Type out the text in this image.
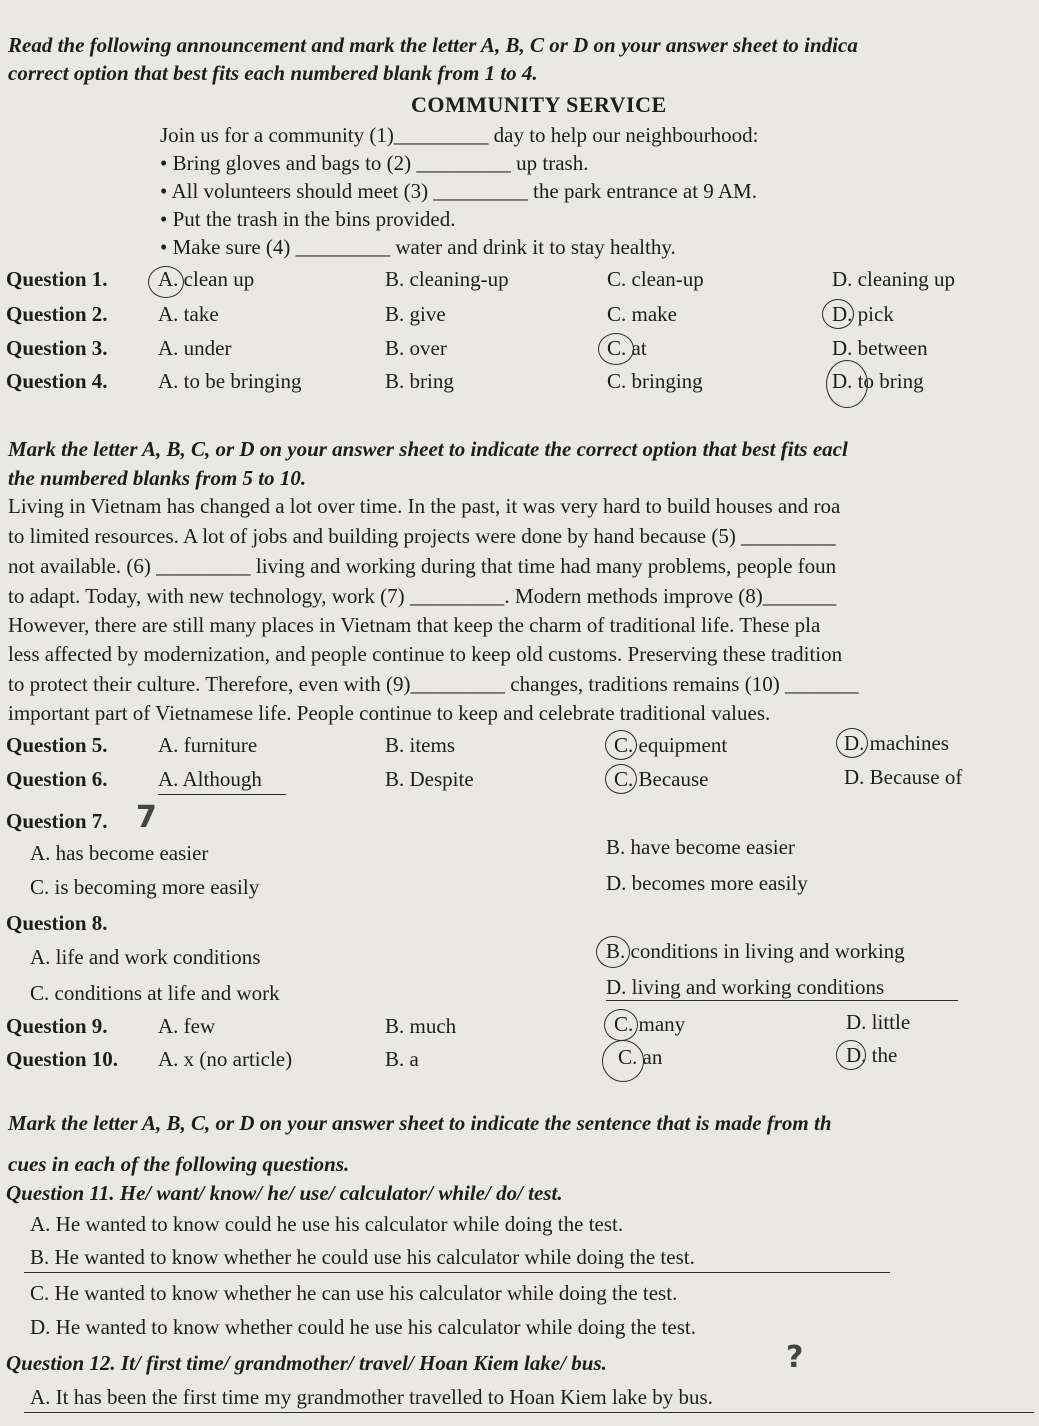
Read the following announcement and mark the letter A, B, C or D on your answer sheet to indica
correct option that best fits each numbered blank from 1 to 4.
COMMUNITY SERVICE
Join us for a community (1)_________ day to help our neighbourhood:
• Bring gloves and bags to (2) _________ up trash.
• All volunteers should meet (3) _________ the park entrance at 9 AM.
• Put the trash in the bins provided.
• Make sure (4) _________ water and drink it to stay healthy.
Question 1. A. clean up	B. cleaning-up	C. clean-up	D. cleaning up
Question 2. A. take	B. give	C. make	D. pick
Question 3. A. under	B. over	C. at	D. between
Question 4. A. to be bringing	B. bring	C. bringing	D. to bring
Mark the letter A, B, C, or D on your answer sheet to indicate the correct option that best fits eacl
the numbered blanks from 5 to 10.
Living in Vietnam has changed a lot over time. In the past, it was very hard to build houses and roa
to limited resources. A lot of jobs and building projects were done by hand because (5) _________
not available. (6) _________ living and working during that time had many problems, people foun
to adapt. Today, with new technology, work (7) _________. Modern methods improve (8)_______
However, there are still many places in Vietnam that keep the charm of traditional life. These pla
less affected by modernization, and people continue to keep old customs. Preserving these tradition
to protect their culture. Therefore, even with (9)_________ changes, traditions remains (10) _______
important part of Vietnamese life. People continue to keep and celebrate traditional values.
Question 5. A. furniture	B. items	C. equipment	D. machines
Question 6. A. Although	B. Despite	C. Because	D. Because of
Question 7.
A. has become easier	B. have become easier
C. is becoming more easily	D. becomes more easily
Question 8.
A. life and work conditions	B. conditions in living and working
C. conditions at life and work	D. living and working conditions
Question 9. A. few	B. much	C. many	D. little
Question 10. A. x (no article)	B. a	C. an	D. the
7
Mark the letter A, B, C, or D on your answer sheet to indicate the sentence that is made from th
cues in each of the following questions.
Question 11. He/ want/ know/ he/ use/ calculator/ while/ do/ test.
A. He wanted to know could he use his calculator while doing the test.
B. He wanted to know whether he could use his calculator while doing the test.
C. He wanted to know whether he can use his calculator while doing the test.
D. He wanted to know whether could he use his calculator while doing the test.
Question 12. It/ first time/ grandmother/ travel/ Hoan Kiem lake/ bus.
A. It has been the first time my grandmother travelled to Hoan Kiem lake by bus.
?
